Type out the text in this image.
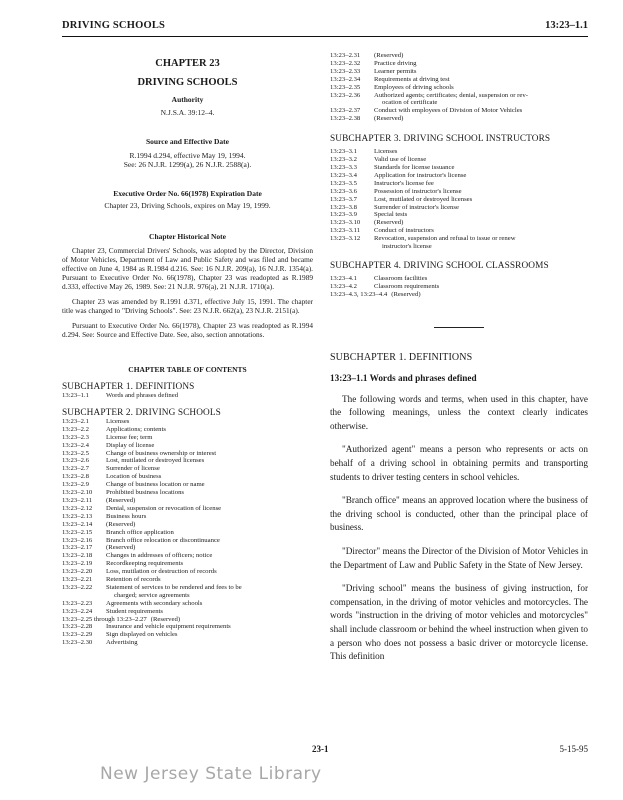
DRIVING SCHOOLS	13:23–1.1
CHAPTER 23
DRIVING SCHOOLS
Authority
N.J.S.A. 39:12–4.
Source and Effective Date
R.1994 d.294, effective May 19, 1994.
See: 26 N.J.R. 1299(a), 26 N.J.R. 2588(a).
Executive Order No. 66(1978) Expiration Date
Chapter 23, Driving Schools, expires on May 19, 1999.
Chapter Historical Note

Chapter 23, Commercial Drivers' Schools, was adopted by the Director, Division of Motor Vehicles, Department of Law and Public Safety and was filed and became effective on June 4, 1984 as R.1984 d.216. See: 16 N.J.R. 209(a), 16 N.J.R. 1354(a). Pursuant to Executive Order No. 66(1978), Chapter 23 was readopted as R.1989 d.333, effective May 26, 1989. See: 21 N.J.R. 976(a), 21 N.J.R. 1710(a).

Chapter 23 was amended by R.1991 d.371, effective July 15, 1991. The chapter title was changed to "Driving Schools". See: 23 N.J.R. 662(a), 23 N.J.R. 2151(a).

Pursuant to Executive Order No. 66(1978), Chapter 23 was readopted as R.1994 d.294. See: Source and Effective Date. See, also, section annotations.

CHAPTER TABLE OF CONTENTS
SUBCHAPTER 1. DEFINITIONS
13:23–1.1	Words and phrases defined
SUBCHAPTER 2. DRIVING SCHOOLS
13:23–2.1	Licenses
13:23–2.2	Applications; contents
13:23–2.3	License fee; term
13:23–2.4	Display of license
13:23–2.5	Change of business ownership or interest
13:23–2.6	Lost, mutilated or destroyed licenses
13:23–2.7	Surrender of license
13:23–2.8	Location of business
13:23–2.9	Change of business location or name
13:23–2.10	Prohibited business locations
13:23–2.11	(Reserved)
13:23–2.12	Denial, suspension or revocation of license
13:23–2.13	Business hours
13:23–2.14	(Reserved)
13:23–2.15	Branch office application
13:23–2.16	Branch office relocation or discontinuance
13:23–2.17	(Reserved)
13:23–2.18	Changes in addresses of officers; notice
13:23–2.19	Recordkeeping requirements
13:23–2.20	Loss, mutilation or destruction of records
13:23–2.21	Retention of records
13:23–2.22	Statement of services to be rendered and fees to be
charged; service agreements
13:23–2.23	Agreements with secondary schools
13:23–2.24	Student requirements
13:23–2.25 through 13:23–2.27 (Reserved)
13:23–2.28	Insurance and vehicle equipment requirements
13:23–2.29	Sign displayed on vehicles
13:23–2.30	Advertising
13:23–2.31	(Reserved)
13:23–2.32	Practice driving
13:23–2.33	Learner permits
13:23–2.34	Requirements at driving test
13:23–2.35	Employees of driving schools
13:23–2.36	Authorized agents; certificates; denial, suspension or rev-
ocation of certificate
13:23–2.37	Conduct with employees of Division of Motor Vehicles
13:23–2.38	(Reserved)
SUBCHAPTER 3. DRIVING SCHOOL INSTRUCTORS
13:23–3.1	Licenses
13:23–3.2	Valid use of license
13:23–3.3	Standards for license issuance
13:23–3.4	Application for instructor's license
13:23–3.5	Instructor's license fee
13:23–3.6	Possession of instructor's license
13:23–3.7	Lost, mutilated or destroyed licenses
13:23–3.8	Surrender of instructor's license
13:23–3.9	Special tests
13:23–3.10	(Reserved)
13:23–3.11	Conduct of instructors
13:23–3.12	Revocation, suspension and refusal to issue or renew
instructor's license
SUBCHAPTER 4. DRIVING SCHOOL CLASSROOMS
13:23–4.1	Classroom facilities
13:23–4.2	Classroom requirements
13:23–4.3, 13:23–4.4 (Reserved)
SUBCHAPTER 1. DEFINITIONS
13:23–1.1 Words and phrases defined

The following words and terms, when used in this chapter, have the following meanings, unless the context clearly indicates otherwise.

"Authorized agent" means a person who represents or acts on behalf of a driving school in obtaining permits and transporting students to driver testing centers in school vehicles.

"Branch office" means an approved location where the business of the driving school is conducted, other than the principal place of business.

"Director" means the Director of the Division of Motor Vehicles in the Department of Law and Public Safety in the State of New Jersey.

"Driving school" means the business of giving instruction, for compensation, in the driving of motor vehicles and motorcycles. The words "instruction in the driving of motor vehicles and motorcycles" shall include classroom or behind the wheel instruction when given to a person who does not possess a basic driver or motorcycle license. This definition

23-1	5-15-95
New Jersey State Library
